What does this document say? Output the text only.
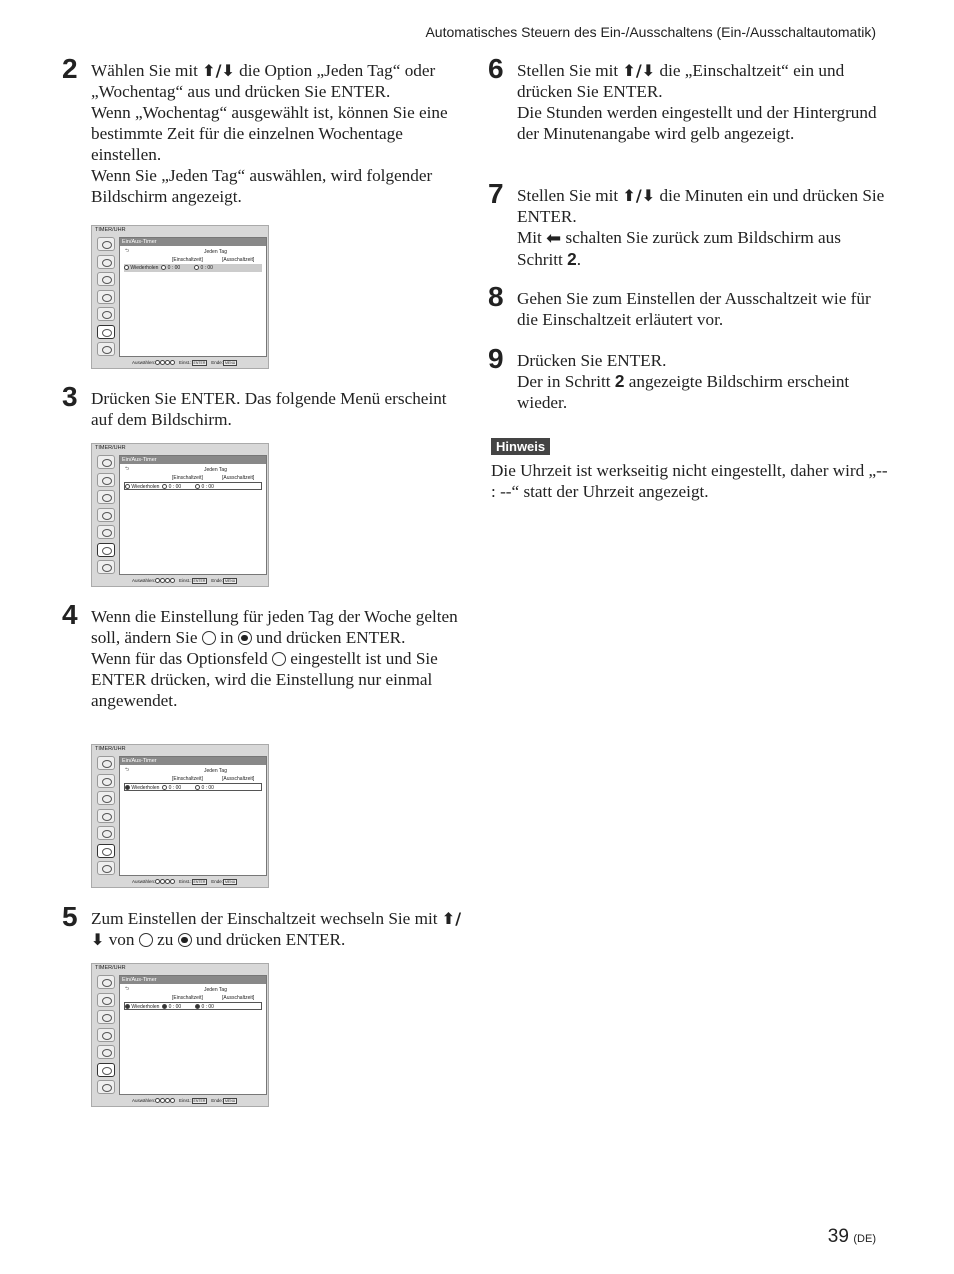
Automatisches Steuern des Ein-/Ausschaltens (Ein-/Ausschaltautomatik)
2 Wählen Sie mit ⬆/⬇ die Option „Jeden Tag“ oder „Wochentag“ aus und drücken Sie ENTER.

Wenn „Wochentag“ ausgewählt ist, können Sie eine bestimmte Zeit für die einzelnen Wochentage einstellen.

Wenn Sie „Jeden Tag“ auswählen, wird folgender Bildschirm angezeigt.

TIMER/UHR
Ein/Aus-Timer
⮌	Jeden Tag
[Einschaltzeit]	[Ausschaltzeit]
Wiederholen 0 : 00	0 : 00
Auswählen:	Einst.: ENTER Ende: MENU
3 Drücken Sie ENTER. Das folgende Menü erscheint auf dem Bildschirm.

TIMER/UHR
Ein/Aus-Timer
⮌	Jeden Tag
[Einschaltzeit]	[Ausschaltzeit]
Wiederholen 0 : 00	0 : 00
Auswählen:	Einst.: ENTER Ende: MENU
4 Wenn die Einstellung für jeden Tag der Woche gelten soll, ändern Sie  in  und drücken ENTER.

Wenn für das Optionsfeld  eingestellt ist und Sie ENTER drücken, wird die Einstellung nur einmal angewendet.

TIMER/UHR
Ein/Aus-Timer
⮌	Jeden Tag
[Einschaltzeit]	[Ausschaltzeit]
Wiederholen 0 : 00	0 : 00
Auswählen:	Einst.: ENTER Ende: MENU
5 Zum Einstellen der Einschaltzeit wechseln Sie mit ⬆/⬇ von  zu  und drücken ENTER.

TIMER/UHR
Ein/Aus-Timer
⮌	Jeden Tag
[Einschaltzeit]	[Ausschaltzeit]
Wiederholen 0 : 00	0 : 00
Auswählen:	Einst.: ENTER Ende: MENU
6 Stellen Sie mit ⬆/⬇ die „Einschaltzeit“ ein und drücken Sie ENTER.

Die Stunden werden eingestellt und der Hintergrund der Minutenangabe wird gelb angezeigt.

7 Stellen Sie mit ⬆/⬇ die Minuten ein und drücken Sie ENTER.

Mit ⬅ schalten Sie zurück zum Bildschirm aus Schritt 2.

8 Gehen Sie zum Einstellen der Ausschaltzeit wie für die Einschaltzeit erläutert vor.

9 Drücken Sie ENTER.

Der in Schritt 2 angezeigte Bildschirm erscheint wieder.

Hinweis

Die Uhrzeit ist werkseitig nicht eingestellt, daher wird „-- : --“ statt der Uhrzeit angezeigt.

39 (DE)
